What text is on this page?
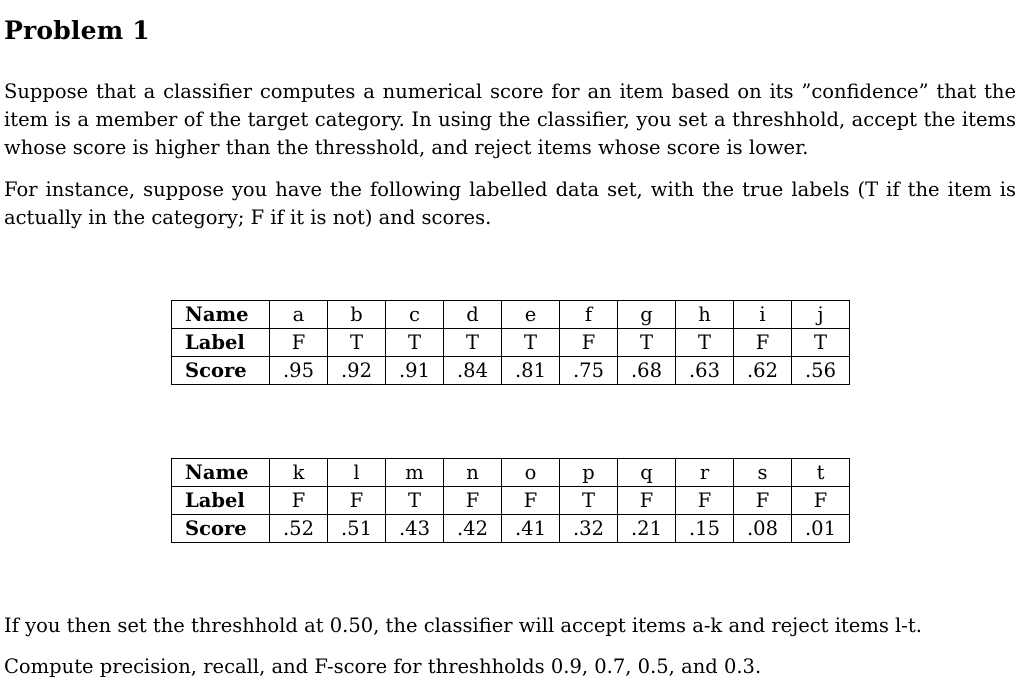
Problem 1

Suppose that a classifier computes a numerical score for an item based on its ”confidence” that the item is a member of the target category. In using the classifier, you set a threshhold, accept the items whose score is higher than the thresshold, and reject items whose score is lower.

For instance, suppose you have the following labelled data set, with the true labels (T if the item is actually in the category; F if it is not) and scores.

Name	a	b	c	d	e	f	g	h	i	j
Label	F	T	T	T	T	F	T	T	F	T
Score	.95	.92	.91	.84	.81	.75	.68	.63	.62	.56
Name	k	l	m	n	o	p	q	r	s	t
Label	F	F	T	F	F	T	F	F	F	F
Score	.52	.51	.43	.42	.41	.32	.21	.15	.08	.01

If you then set the threshhold at 0.50, the classifier will accept items a-k and reject items l-t.

Compute precision, recall, and F-score for threshholds 0.9, 0.7, 0.5, and 0.3.
